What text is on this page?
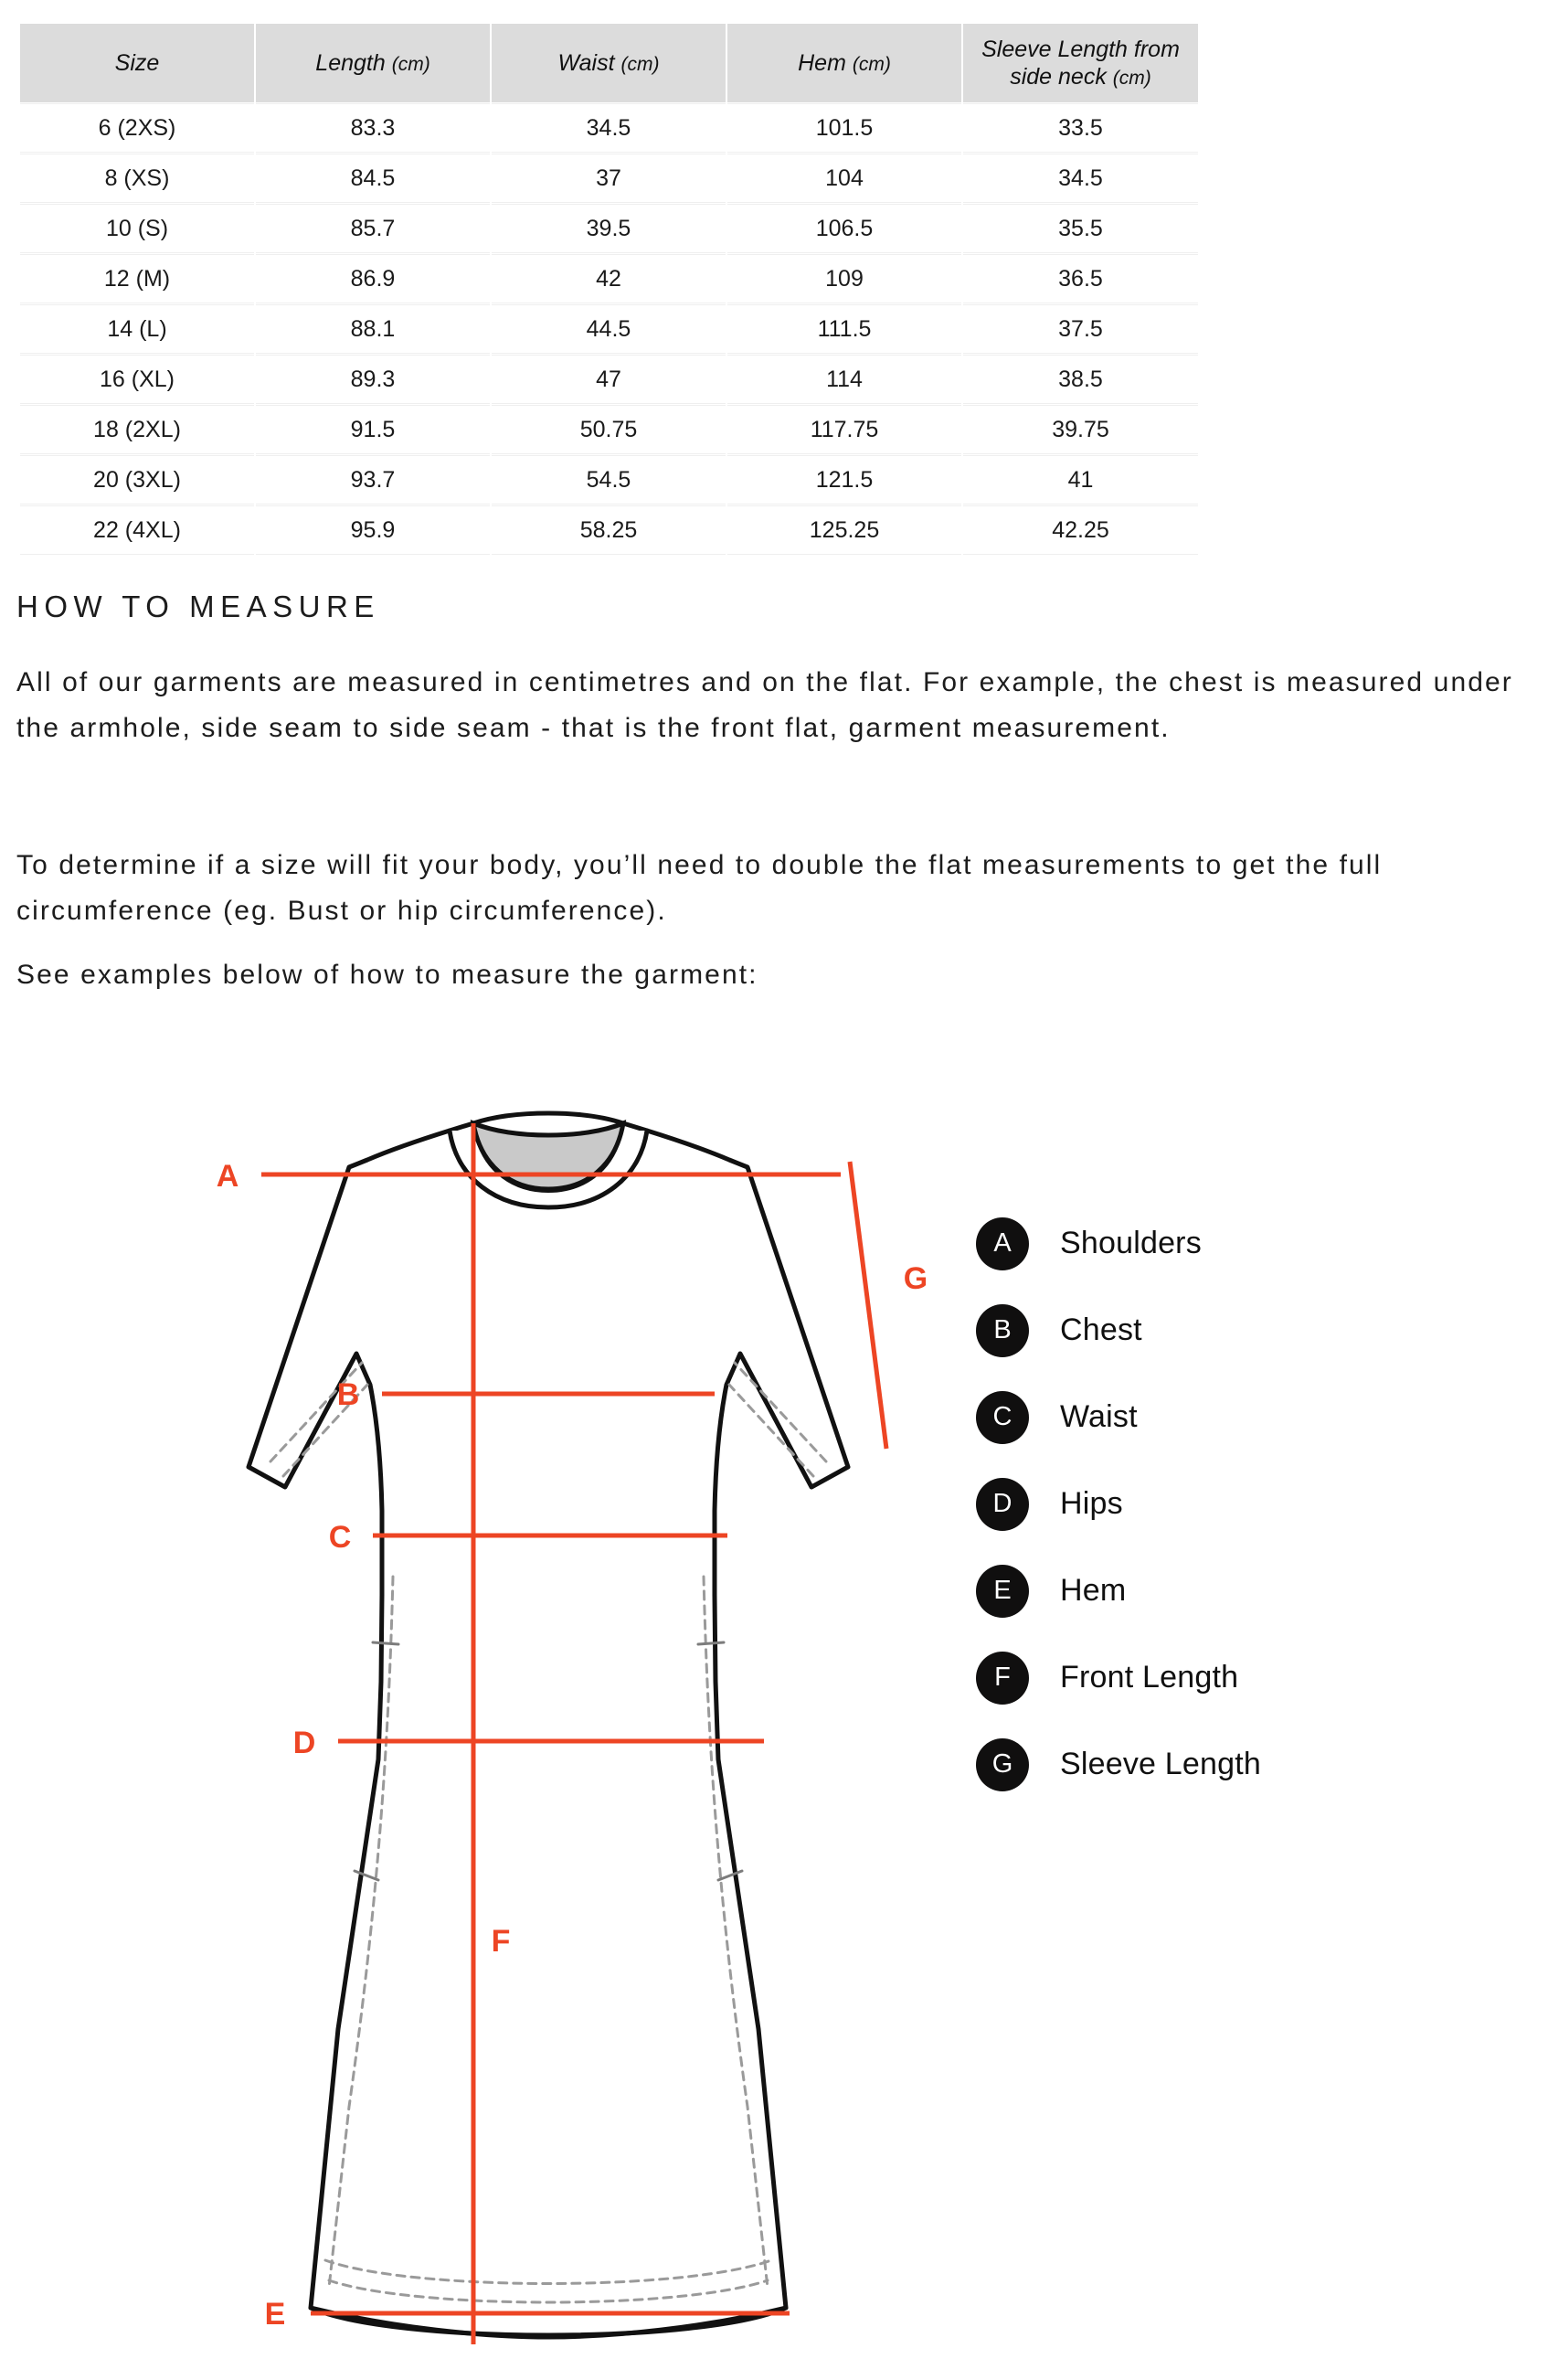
Size	Length (cm)	Waist (cm)	Hem (cm)	Sleeve Length from side neck (cm)
6 (2XS)	83.3	34.5	101.5	33.5
8 (XS)	84.5	37	104	34.5
10 (S)	85.7	39.5	106.5	35.5
12 (M)	86.9	42	109	36.5
14 (L)	88.1	44.5	111.5	37.5
16 (XL)	89.3	47	114	38.5
18 (2XL)	91.5	50.75	117.75	39.75
20 (3XL)	93.7	54.5	121.5	41
22 (4XL)	95.9	58.25	125.25	42.25
HOW TO MEASURE
All of our garments are measured in centimetres and on the flat. For example, the chest is measured under the armhole, side seam to side seam - that is the front flat, garment measurement.
To determine if a size will fit your body, you’ll need to double the flat measurements to get the full circumference (eg. Bust or hip circumference).
See examples below of how to measure the garment:
A
B
C
D
E
F
G
A	Shoulders
B	Chest
C	Waist
D	Hips
E	Hem
F	Front Length
G	Sleeve Length
